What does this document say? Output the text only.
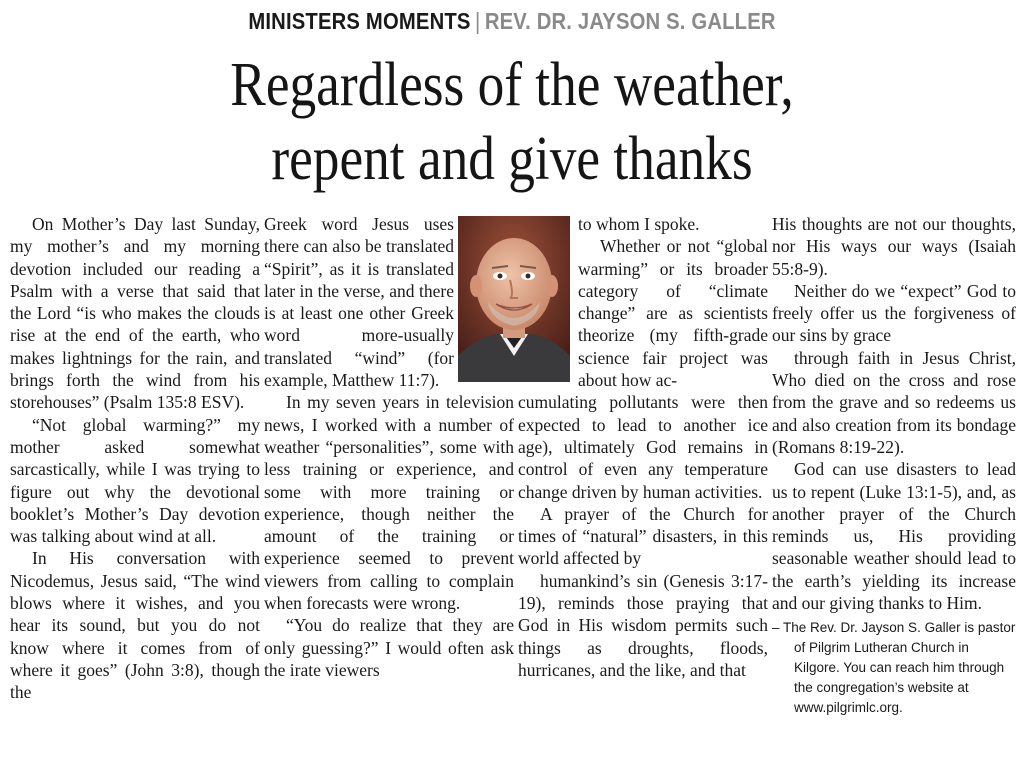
MINISTERS MOMENTS | REV. DR. JAYSON S. GALLER
Regardless of the weather,
repent and give thanks

On Mother’s Day last Sunday, my mother’s and my morning devotion included our reading a Psalm with a verse that said that the Lord “is who makes the clouds rise at the end of the earth, who makes lightnings for the rain, and brings forth the wind from his storehouses” (Psalm 135:8 ESV).

“Not global warming?” my mother asked somewhat sarcastically, while I was trying to figure out why the devotional booklet’s Mother’s Day devotion was talking about wind at all.

In His conversation with Nicodemus, Jesus said, “The wind blows where it wishes, and you hear its sound, but you do not know where it comes from of where it goes” (John 3:8), though the

Greek word Jesus uses there can also be translated “Spirit”, as it is translated later in the verse, and there is at least one other Greek word more-usually translated “wind” (for example, Matthew 11:7).

In my seven years in television news, I worked with a number of weather “personalities”, some with less training or experience, and some with more training or experience, though neither the amount of the training or experience seemed to prevent viewers from calling to complain when forecasts were wrong.

“You do realize that they are only guessing?” I would often ask the irate viewers

to whom I spoke.

Whether or not “global warming” or its broader category of “climate change” are as scientists theorize (my fifth-grade science fair project was about how ac-

cumulating pollutants were then expected to lead to another ice age), ultimately God remains in control of even any temperature change driven by human activities.

A prayer of the Church for times of “natural” disasters, in this world affected by

humankind’s sin (Genesis 3:17-19), reminds those praying that God in His wisdom permits such things as droughts, floods, hurricanes, and the like, and that

His thoughts are not our thoughts, nor His ways our ways (Isaiah 55:8-9).

Neither do we “expect” God to freely offer us the forgiveness of our sins by grace

through faith in Jesus Christ, Who died on the cross and rose from the grave and so redeems us and also creation from its bondage (Romans 8:19-22).

God can use disasters to lead us to repent (Luke 13:1-5), and, as another prayer of the Church reminds us, His providing seasonable weather should lead to the earth’s yielding its increase and our giving thanks to Him.

– The Rev. Dr. Jayson S. Galler is pastor of Pilgrim Lutheran Church in Kilgore. You can reach him through the congregation’s website at www.pilgrimlc.org.
